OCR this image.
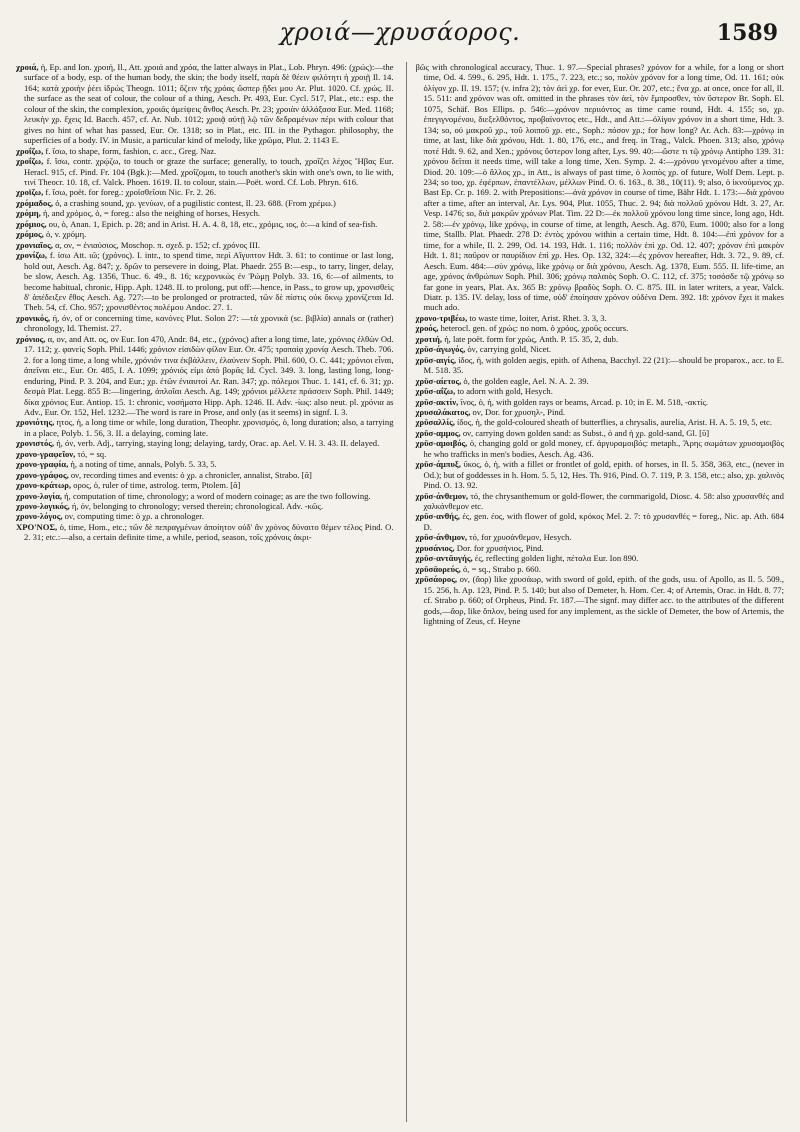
χροιά—χρυσάορος.	1589

χροιά, ἡ, Ep. and Ion. χροιή, Il., Att. χροιά and χρόα, the latter always in Plat., Lob. Phryn. 496: (χρώς):—the surface of a body, esp. of the human body, the skin; the body itself, παρὰ δὲ θέειν φιλότητι ἡ χροιῇ Il. 14. 164; κατὰ χροιὴν ῥέει ἱδρώς Theogn. 1011; ὄζειν τῆς χρόας ὥσπερ ᾔδει μου Ar. Plut. 1020. Cf. χρώς. II. the surface as the seat of colour, the colour of a thing, Aesch. Pr. 493, Eur. Cycl. 517, Plat., etc.: esp. the colour of the skin, the complexion, χροιᾶς ἀμείψεις ἄνθος Aesch. Pr. 23; χροιὰν ἀλλάξασα Eur. Med. 1168; λευκὴν χρ. ἔχεις Id. Bacch. 457, cf. Ar. Nub. 1012; χροιᾷ αὐτῇ λῷ τῶν δεδραμένων πέρι with colour that gives no hint of what has passed, Eur. Or. 1318; so in Plat., etc. III. in the Pythagor. philosophy, the superficies of a body. IV. in Music, a particular kind of melody, like χρῶμα, Plut. 2. 1143 E.

χροΐζω, f. ἴσω, to shape, form, fashion, c. acc., Greg. Naz.

χροΐζω, f. ἴσω, contr. χρῴζω, to touch or graze the surface; generally, to touch, χροΐζει λέχος Ἥβας Eur. Heracl. 915, cf. Pind. Fr. 104 (Bgk.):—Med. χροΐζομαι, to touch another's skin with one's own, to lie with, τινί Theocr. 10. 18, cf. Valck. Phoen. 1619. II. to colour, stain.—Poët. word. Cf. Lob. Phryn. 616.

χροϊζω, f. ἴσω, poët. for foreg.: χροϊσθεῖσαι Nic. Fr. 2. 26.

χρόμαδος, ὁ, a crashing sound, χρ. γενύων, of a pugilistic contest, Il. 23. 688. (From χρέμω.)

χρόμη, ἡ, and χρόμος, ὁ, = foreg.: also the neighing of horses, Hesych.

χρόμιος, ου, ὁ, Anan. 1, Epich. p. 28; and in Arist. H. A. 4. 8, 18, etc., χρόμις, ιος, ὁ:—a kind of sea-fish.

χρόμος, ὁ, v. χρόμη.

χρονιαῖος, α, ον, = ἐνιαύσιος, Moschop. π. σχεδ. p. 152; cf. χρόνος III.

χρονίζω, f. ίσω Att. ιῶ; (χρόνος). I. intr., to spend time, περὶ Αἴγυπτον Hdt. 3. 61: to continue or last long, hold out, Aesch. Ag. 847; χ. δρῶν to persevere in doing, Plat. Phaedr. 255 B:—esp., to tarry, linger, delay, be slow, Aesch. Ag. 1356, Thuc. 6. 49., 8. 16; κεχρονικὼς ἐν Ῥώμῃ Polyb. 33. 16, 6:—of ailments, to become habitual, chronic, Hipp. Aph. 1248. II. to prolong, put off:—hence, in Pass., to grow up, χρονισθεὶς δ' ἀπέδειξεν ἔθος Aesch. Ag. 727:—to be prolonged or protracted, τῶν δὲ πίστις οὐκ ὄκνῳ χρονίζεται Id. Theb. 54, cf. Cho. 957; χρονισθέντος πολέμου Andoc. 27. 1.

χρονικός, ή, όν, of or concerning time, κανόνες Plut. Solon 27: —τὰ χρονικά (sc. βιβλία) annals or (rather) chronology, Id. Themist. 27.

χρόνιος, α, ον, and Att. ος, ον Eur. Ion 470, Andr. 84, etc., (χρόνος) after a long time, late, χρόνιος ἐλθὼν Od. 17. 112; χ. φανεὶς Soph. Phil. 1446; χρόνιον εἰσιδὼν φίλον Eur. Or. 475; τροπαίᾳ χρονίᾳ Aesch. Theb. 706. 2. for a long time, a long while, χρόνιόν τινα ἐκβάλλειν, ἐλαύνειν Soph. Phil. 600, O. C. 441; χρόνιοι εἶναι, ἀπεῖναι etc., Eur. Or. 485, I. A. 1099; χρόνιός εἰμι ἀπὸ βορᾶς Id. Cycl. 349. 3. long, lasting long, long-enduring, Pind. P. 3. 204, and Eur.; χρ. ἐτῶν ἐνιαυτοί Ar. Ran. 347; χρ. πόλεμοι Thuc. 1. 141, cf. 6. 31; χρ. δεσμὰ Plat. Legg. 855 B:—lingering, ἀπλοΐαι Aesch. Ag. 149; χρόνιοι μέλλετε πράσσειν Soph. Phil. 1449; δίκα χρόνιος Eur. Antiop. 15. 1: chronic, νοσήματα Hipp. Aph. 1246. II. Adv. -ίως: also neut. pl. χρόνια as Adv., Eur. Or. 152, Hel. 1232.—The word is rare in Prose, and only (as it seems) in signf. I. 3.

χρονιότης, ητος, ἡ, a long time or while, long duration, Theophr. χρονισμός, ὁ, long duration; also, a tarrying in a place, Polyb. 1. 56, 3. II. a delaying, coming late.

χρονιστός, ή, όν, verb. Adj., tarrying, staying long; delaying, tardy, Orac. ap. Ael. V. H. 3. 43. II. delayed.

χρονο-γραφεῖον, τό, = sq.

χρονο-γραφία, ἡ, a noting of time, annals, Polyb. 5. 33, 5.

χρονο-γράφος, ον, recording times and events: ὁ χρ. a chronicler, annalist, Strabo. [ᾰ]

χρονο-κράτωρ, ορος, ὁ, ruler of time, astrolog. term, Ptolem. [ᾰ]

χρονο-λογία, ἡ, computation of time, chronology; a word of modern coinage; as are the two following.

χρονο-λογικός, ή, όν, belonging to chronology; versed therein; chronological. Adv. -κῶς.

χρονο-λόγος, ον, computing time: ὁ χρ. a chronologer.

ΧΡΟ'ΝΟΣ, ὁ, time, Hom., etc.; τῶν δὲ πεπραγμένων ἀποίητον οὐδ' ἂν χρόνος δύναιτο θέμεν τέλος Pind. O. 2. 31; etc.:—also, a certain definite time, a while, period, season, τοῖς χρόνοις ἀκρι-

βῶς with chronological accuracy, Thuc. 1. 97.—Special phrases? χρόνον for a while, for a long or short time, Od. 4. 599., 6. 295, Hdt. 1. 175., 7. 223, etc.; so, πολὺν χρόνον for a long time, Od. 11. 161; οὐκ ὀλίγον χρ. Il. 19. 157; (v. infra 2); τὸν ἀεὶ χρ. for ever, Eur. Or. 207, etc.; ἕνα χρ. at once, once for all, Il. 15. 511: and χρόνον was oft. omitted in the phrases τὸν ἀεί, τὸν ἔμπροσθεν, τὸν ὕστερον Br. Soph. El. 1075, Schäf. Bos Ellips. p. 546:—χρόνον περιιόντος as time came round, Hdt. 4. 155; so, χρ. ἐπεγιγνομένου, διεξελθόντος, προβαίνοντος etc., Hdt., and Att.:—ὀλίγον χρόνον in a short time, Hdt. 3. 134; so, οὐ μακροῦ χρ., τοῦ λοιποῦ χρ. etc., Soph.: πόσον χρ.; for how long? Ar. Ach. 83:—χρόνῳ in time, at last, like διὰ χρόνου, Hdt. 1. 80, 176, etc., and freq. in Trag., Valck. Phoen. 313; also, χρόνῳ ποτέ Hdt. 9. 62, and Xen.; χρόνοις ὕστερον long after, Lys. 99. 40:—ὥστε τι τῷ χρόνῳ Antipho 139. 31: χρόνου δεῖται it needs time, will take a long time, Xen. Symp. 2. 4:—χρόνου γενομένου after a time, Diod. 20. 109:—ὁ ἄλλος χρ., in Att., is always of past time, ὁ λοιπὸς χρ. of future, Wolf Dem. Lept. p. 234; so too, χρ. ἐφέρπων, ἐπαντέλλων, μέλλων Pind. O. 6. 163., 8. 38., 10(11). 9; also, ὁ ἱκνούμενος χρ. Bast Ep. Cr. p. 169. 2. with Prepositions:—ἀνὰ χρόνον in course of time, Bähr Hdt. 1. 173:—διὰ χρόνου after a time, after an interval, Ar. Lys. 904, Plut. 1055, Thuc. 2. 94; διὰ πολλοῦ χρόνου Hdt. 3. 27, Ar. Vesp. 1476; so, διὰ μακρῶν χρόνων Plat. Tim. 22 D:—ἐκ πολλοῦ χρόνου long time since, long ago, Hdt. 2. 58:—ἐν χρόνῳ, like χρόνῳ, in course of time, at length, Aesch. Ag. 870, Eum. 1000; also for a long time, Stallb. Plat. Phaedr. 278 D: ἐντὸς χρόνου within a certain time, Hdt. 8. 104:—ἐπὶ χρόνον for a time, for a while, Il. 2. 299, Od. 14. 193, Hdt. 1. 116; πολλὸν ἐπὶ χρ. Od. 12. 407; χρόνον ἐπὶ μακρὸν Hdt. 1. 81; παῦρον or παυρίδιον ἐπὶ χρ. Hes. Op. 132, 324:—ἐς χρόνον hereafter, Hdt. 3. 72., 9. 89, cf. Aesch. Eum. 484:—σὺν χρόνῳ, like χρόνῳ or διὰ χρόνου, Aesch. Ag. 1378, Eum. 555. II. life-time, an age, χρόνος ἀνθρώπων Soph. Phil. 306; χρόνῳ παλαιὸς Soph. O. C. 112, cf. 375; τοσόσδε τῷ χρόνῳ so far gone in years, Plat. Ax. 365 B: χρόνῳ βραδὺς Soph. O. C. 875. III. in later writers, a year, Valck. Diatr. p. 135. IV. delay, loss of time, οὐδ' ἐποίησαν χρόνον οὐδένα Dem. 392. 18: χρόνον ἔχει it makes much ado.

χρονο-τριβέω, to waste time, loiter, Arist. Rhet. 3. 3, 3.

χροός, heterocl. gen. of χρώς: no nom. ὁ χρόος, χροῦς occurs.

χροτιή, ἡ, late poët. form for χρώς, Anth. P. 15. 35, 2, dub.

χρῡσ-άγωγός, όν, carrying gold, Nicet.

χρῡσ-αιγίς, ίδος, ἡ, with golden aegis, epith. of Athena, Bacchyl. 22 (21):—should be proparox., acc. to E. M. 518. 35.

χρῡσ-αίετος, ὁ, the golden eagle, Ael. N. A. 2. 39.

χρῡσ-αΐζω, to adorn with gold, Hesych.

χρῡσ-ακτίν, ῖνος, ὁ, ἡ, with golden rays or beams, Arcad. p. 10; in E. M. 518, -ακτίς.

χρυσαλάκατος, ον, Dor. for χρυσηλ-, Pind.

χρῡσαλλίς, ίδος, ἡ, the gold-coloured sheath of butterflies, a chrysalis, aurelia, Arist. H. A. 5. 19, 5, etc.

χρῡσ-αμμος, ον, carrying down golden sand: as Subst., ὁ and ἡ χρ. gold-sand, Gl. [ῡ]

χρῡσ-αμοιβός, ὁ, changing gold or gold money, cf. ἀργυραμοιβός: metaph., Ἄρης σωμάτων χρυσαμοιβὸς he who trafficks in men's bodies, Aesch. Ag. 436.

χρῡσ-άμπυξ, ῦκος, ὁ, ἡ, with a fillet or frontlet of gold, epith. of horses, in Il. 5. 358, 363, etc., (never in Od.); but of goddesses in h. Hom. 5. 5, 12, Hes. Th. 916, Pind. O. 7. 119, P. 3. 158, etc.; also, χρ. χαλινὸς Pind. O. 13. 92.

χρῡσ-άνθεμον, τό, the chrysanthemum or gold-flower, the cornmarigold, Diosc. 4. 58: also χρυσανθές and χαλκάνθεμον etc.

χρῡσ-ανθής, ές, gen. έος, with flower of gold, κρόκος Mel. 2. 7: τὸ χρυσανθές = foreg., Nic. ap. Ath. 684 D.

χρῡσ-άνθιμον, τό, for χρυσάνθεμον, Hesych.

χρυσάνιος, Dor. for χρυσήνιος, Pind.

χρῡσ-αντᾰυγής, ές, reflecting golden light, πέταλα Eur. Ion 890.

χρῡσᾱορεύς, ὁ, = sq., Strabo p. 660.

χρῡσάορος, ον, (ἄορ) like χρυσάωρ, with sword of gold, epith. of the gods, usu. of Apollo, as Il. 5. 509., 15. 256, h. Ap. 123, Pind. P. 5. 140; but also of Demeter, h. Hom. Cer. 4; of Artemis, Orac. in Hdt. 8. 77; cf. Strabo p. 660; of Orpheus, Pind. Fr. 187.—The signf. may differ acc. to the attributes of the different gods,—ἄορ, like ὅπλον, being used for any implement, as the sickle of Demeter, the bow of Artemis, the lightning of Zeus, cf. Heyne
